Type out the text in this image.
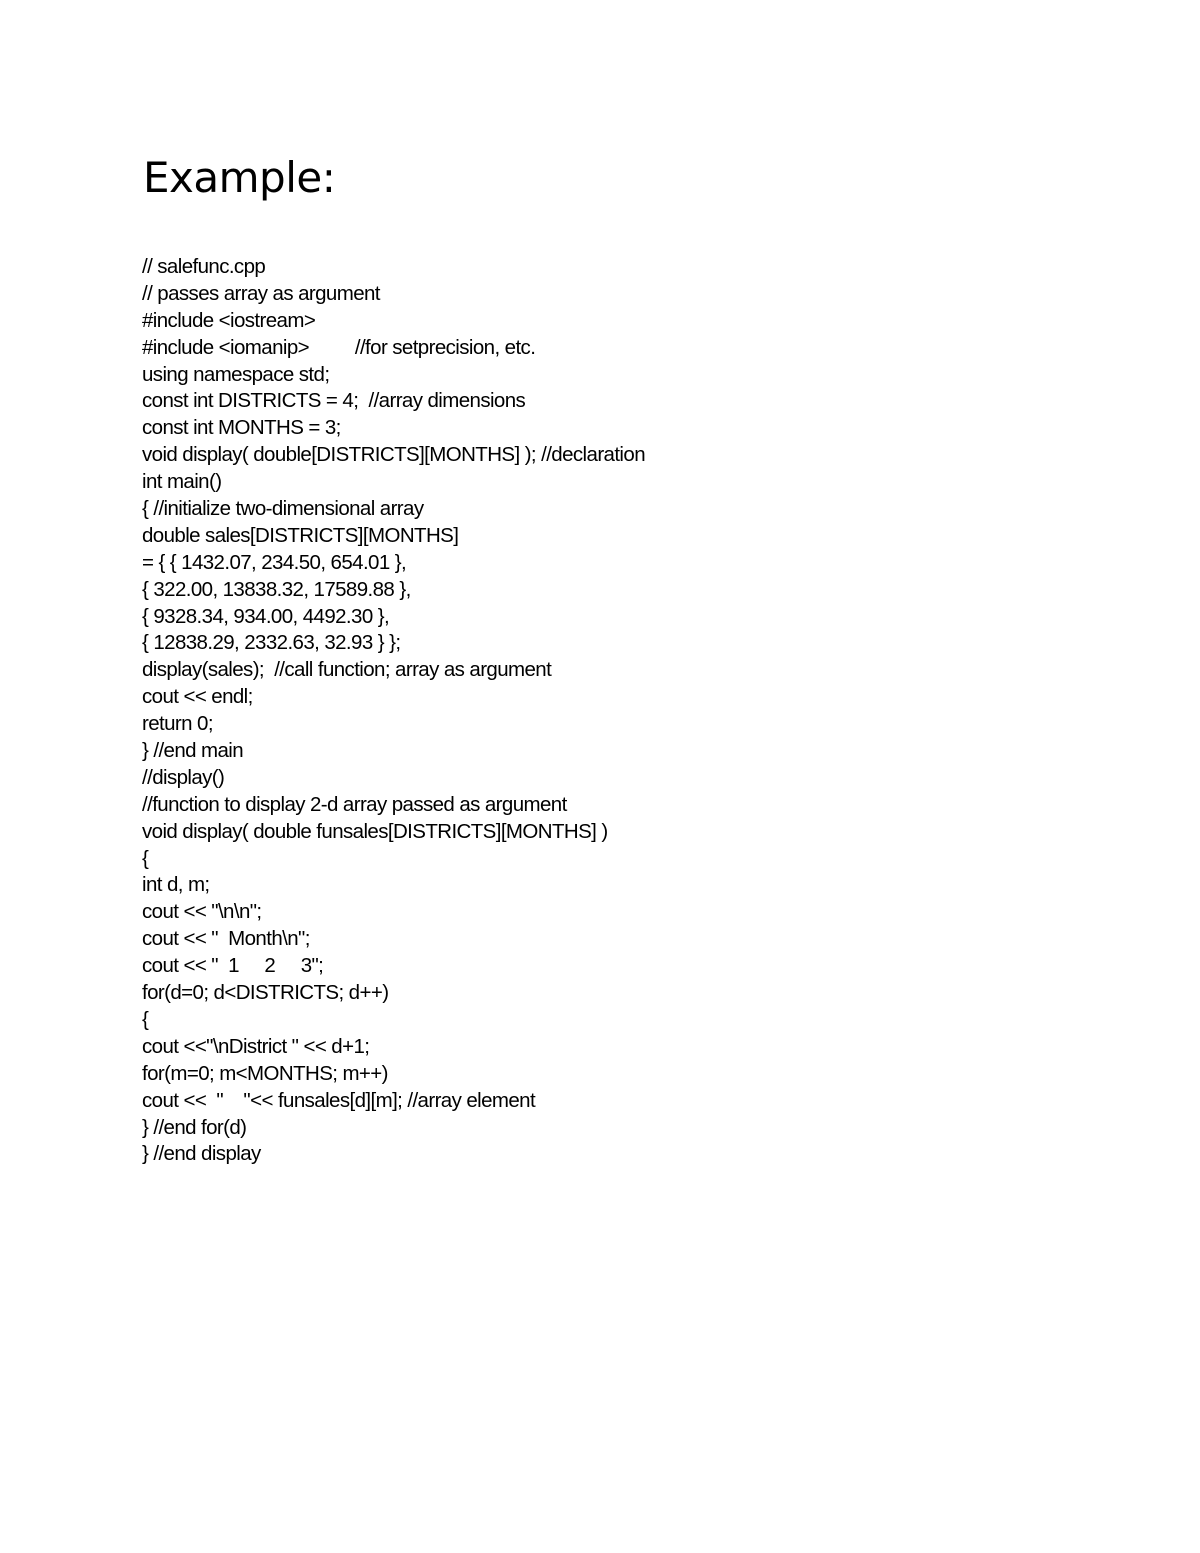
Example:
// salefunc.cpp
// passes array as argument
#include <iostream>
#include <iomanip>         //for setprecision, etc.
using namespace std;
const int DISTRICTS = 4;  //array dimensions
const int MONTHS = 3;
void display( double[DISTRICTS][MONTHS] ); //declaration
int main()
{ //initialize two-dimensional array
double sales[DISTRICTS][MONTHS]
= { { 1432.07, 234.50, 654.01 },
{ 322.00, 13838.32, 17589.88 },
{ 9328.34, 934.00, 4492.30 },
{ 12838.29, 2332.63, 32.93 } };
display(sales);  //call function; array as argument
cout << endl;
return 0;
} //end main
//display()
//function to display 2-d array passed as argument
void display( double funsales[DISTRICTS][MONTHS] )
{
int d, m;
cout << "\n\n";
cout << "  Month\n";
cout << "  1     2     3";
for(d=0; d<DISTRICTS; d++)
{
cout <<"\nDistrict " << d+1;
for(m=0; m<MONTHS; m++)
cout <<  "    "<< funsales[d][m]; //array element
} //end for(d)
} //end display
